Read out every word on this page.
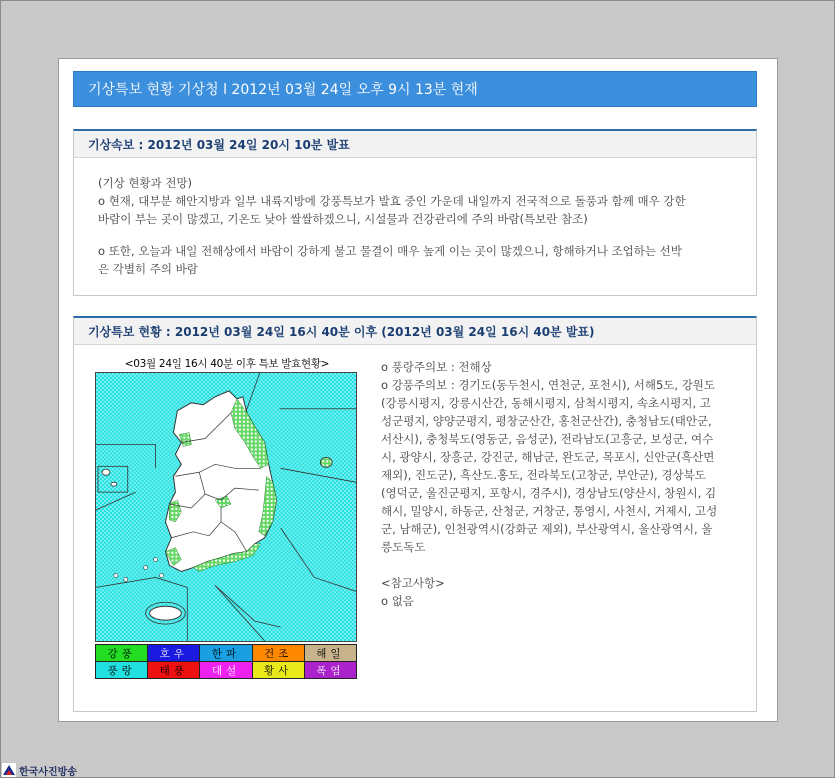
기상특보 현황 기상청 l 2012년 03월 24일 오후 9시 13분 현재
기상속보 : 2012년 03월 24일 20시 10분 발표

(기상 현황과 전망)

o 현재, 대부분 해안지방과 일부 내륙지방에 강풍특보가 발효 중인 가운데 내일까지 전국적으로 돌풍과 함께 매우 강한

바람이 부는 곳이 많겠고, 기온도 낮아 쌀쌀하겠으니, 시설물과 건강관리에 주의 바람(특보란 참조)

o 또한, 오늘과 내일 전해상에서 바람이 강하게 불고 물결이 매우 높게 이는 곳이 많겠으니, 항해하거나 조업하는 선박

은 각별히 주의 바람

기상특보 현황 : 2012년 03월 24일 16시 40분 이후 (2012년 03월 24일 16시 40분 발표)
<03월 24일 16시 40분 이후 특보 발효현황>
강풍	호우	한파	건조	해일
풍랑	태풍	대설	황사	폭염

o 풍랑주의보 : 전해상

o 강풍주의보 : 경기도(동두천시, 연천군, 포천시), 서해5도, 강원도

(강릉시평지, 강릉시산간, 동해시평지, 삼척시평지, 속초시평지, 고

성군평지, 양양군평지, 평창군산간, 홍천군산간), 충청남도(태안군,

서산시), 충청북도(영동군, 음성군), 전라남도(고흥군, 보성군, 여수

시, 광양시, 장흥군, 강진군, 해남군, 완도군, 목포시, 신안군(흑산면

제외), 진도군), 흑산도.홍도, 전라북도(고창군, 부안군), 경상북도

(영덕군, 울진군평지, 포항시, 경주시), 경상남도(양산시, 창원시, 김

해시, 밀양시, 하동군, 산청군, 거창군, 통영시, 사천시, 거제시, 고성

군, 남해군), 인천광역시(강화군 제외), 부산광역시, 울산광역시, 울

릉도독도

<참고사항>

o 없음

한국사진방송
